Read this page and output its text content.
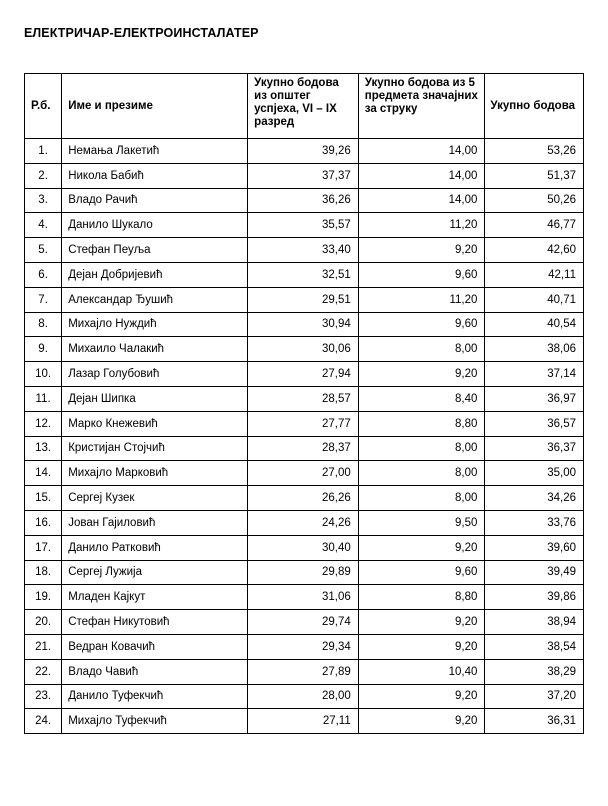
ЕЛЕКТРИЧАР-ЕЛЕКТРОИНСТАЛАТЕР
Р.б.	Име и презиме	Укупно бодова из општег успјеха, VI – IX разред	Укупно бодова из 5 предмета значајних за струку	Укупно бодова
1.	Немања Лакетић	39,26	14,00	53,26
2.	Никола Бабић	37,37	14,00	51,37
3.	Владо Рачић	36,26	14,00	50,26
4.	Данило Шукало	35,57	11,20	46,77
5.	Стефан Пеуља	33,40	9,20	42,60
6.	Дејан Добријевић	32,51	9,60	42,11
7.	Александар Ђушић	29,51	11,20	40,71
8.	Михајло Нуждић	30,94	9,60	40,54
9.	Михаило Чалакић	30,06	8,00	38,06
10.	Лазар Голубовић	27,94	9,20	37,14
11.	Дејан Шипка	28,57	8,40	36,97
12.	Марко Кнежевић	27,77	8,80	36,57
13.	Кристијан Стојчић	28,37	8,00	36,37
14.	Михајло Марковић	27,00	8,00	35,00
15.	Сергеј Кузек	26,26	8,00	34,26
16.	Јован Гајиловић	24,26	9,50	33,76
17.	Данило Ратковић	30,40	9,20	39,60
18.	Сергеј Лужија	29,89	9,60	39,49
19.	Младен Кајкут	31,06	8,80	39,86
20.	Стефан Никутовић	29,74	9,20	38,94
21.	Ведран Ковачић	29,34	9,20	38,54
22.	Владо Чавић	27,89	10,40	38,29
23.	Данило Туфекчић	28,00	9,20	37,20
24.	Михајло Туфекчић	27,11	9,20	36,31
